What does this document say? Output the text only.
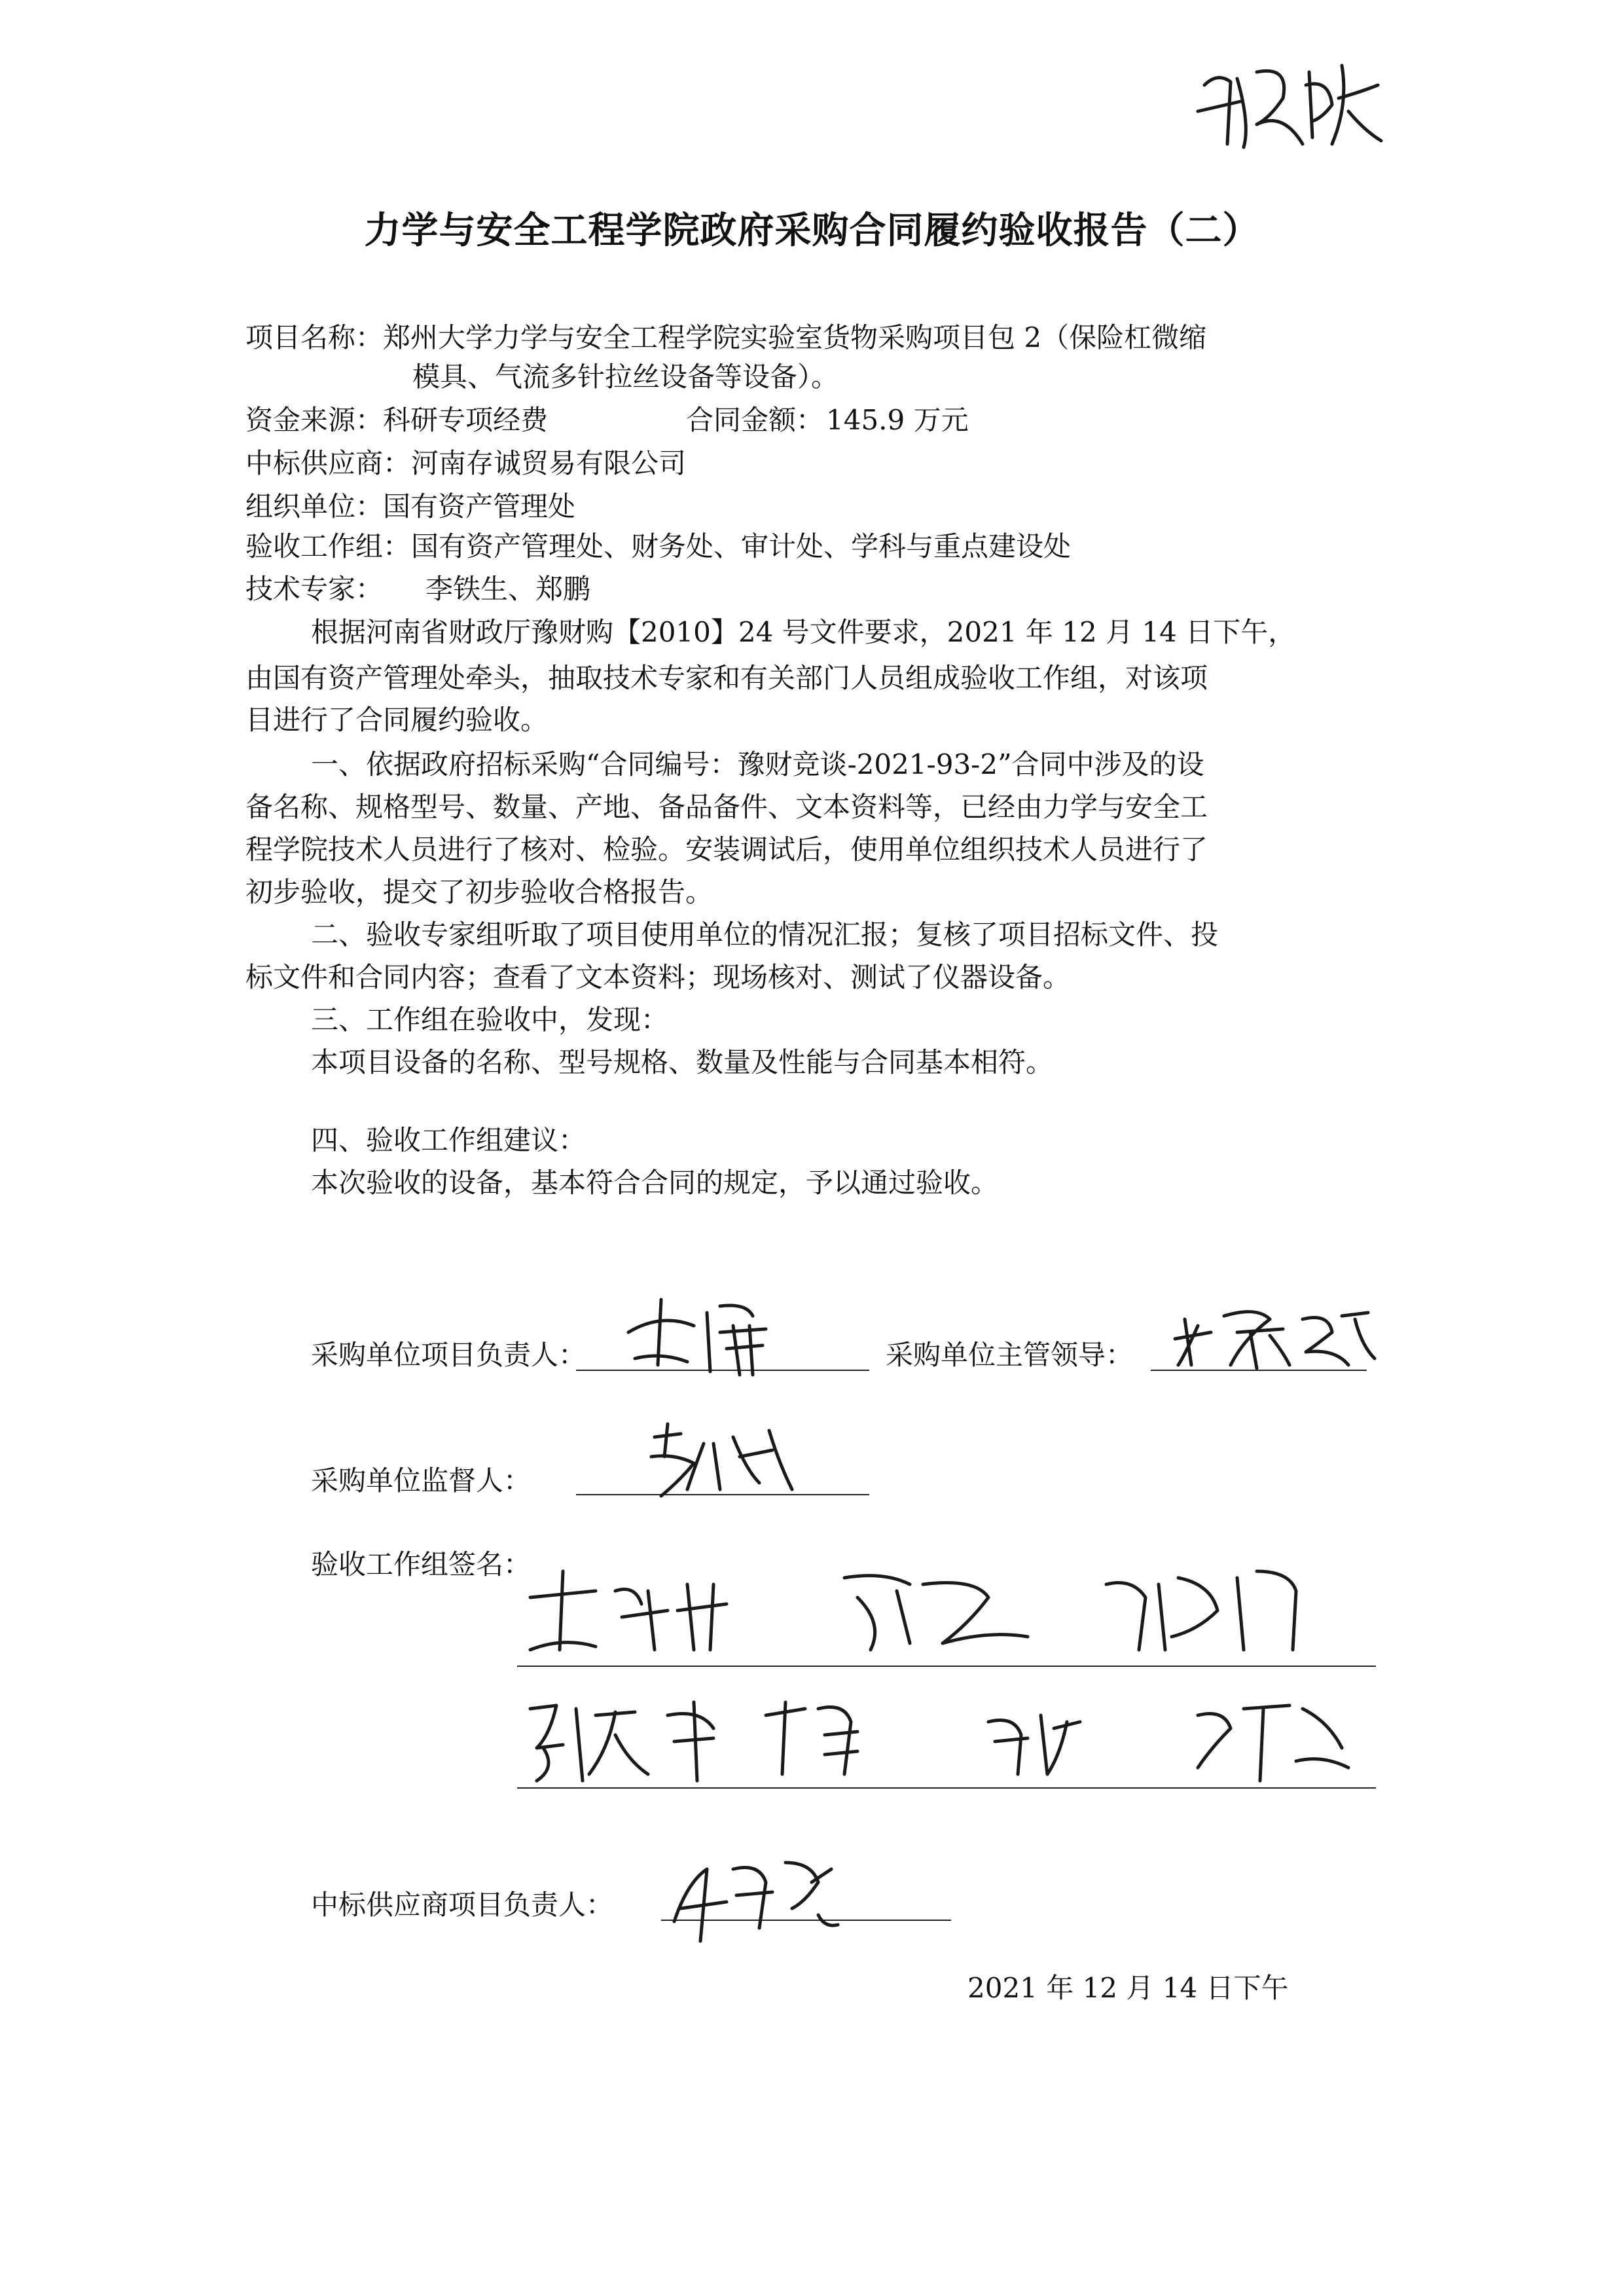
力学与安全工程学院政府采购合同履约验收报告（二）
项目名称： 郑州大学力学与安全工程学院实验室货物采购项目包 2（保险杠微缩
模具、气流多针拉丝设备等设备）。
资金来源： 科研专项经费	合同金额： 145.9 万元
中标供应商： 河南存诚贸易有限公司
组织单位： 国有资产管理处
验收工作组： 国有资产管理处、财务处、审计处、学科与重点建设处
技术专家： 李铁生、郑鹏
根据河南省财政厅豫财购【2010】24 号文件要求，2021 年 12 月 14 日下午，
由国有资产管理处牵头，抽取技术专家和有关部门人员组成验收工作组，对该项
目进行了合同履约验收。
一、依据政府招标采购“合同编号：豫财竞谈-2021-93-2”合同中涉及的设
备名称、规格型号、数量、产地、备品备件、文本资料等，已经由力学与安全工
程学院技术人员进行了核对、检验。安装调试后，使用单位组织技术人员进行了
初步验收，提交了初步验收合格报告。
二、验收专家组听取了项目使用单位的情况汇报；复核了项目招标文件、投
标文件和合同内容；查看了文本资料；现场核对、测试了仪器设备。
三、工作组在验收中，发现：
本项目设备的名称、型号规格、数量及性能与合同基本相符。
四、验收工作组建议：
本次验收的设备，基本符合合同的规定，予以通过验收。
采购单位项目负责人：	采购单位主管领导：
采购单位监督人：
验收工作组签名：
中标供应商项目负责人：
2021 年 12 月 14 日下午
